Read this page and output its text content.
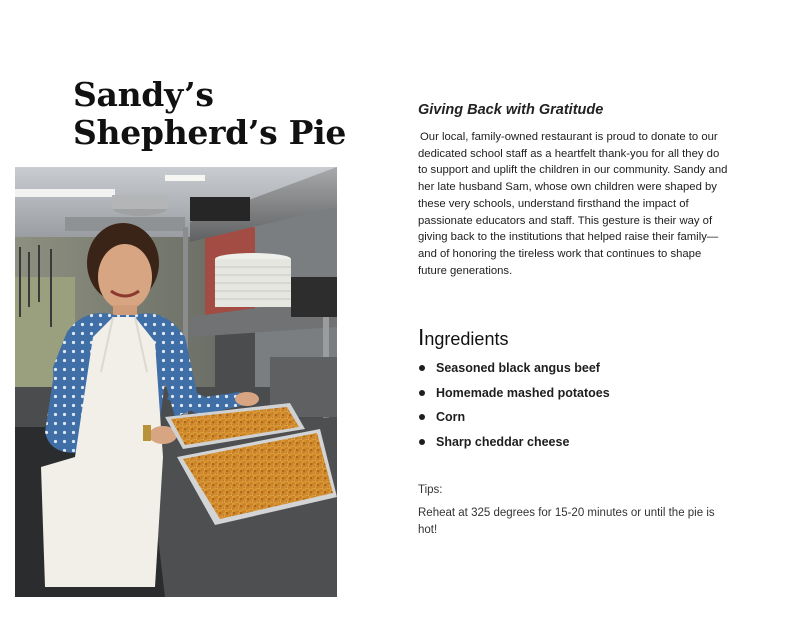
Sandy’s Shepherd’s Pie
Giving Back with Gratitude

Our local, family-owned restaurant is proud to donate to our dedicated school staff as a heartfelt thank-you for all they do to support and uplift the children in our community. Sandy and her late husband Sam, whose own children were shaped by these very schools, understand firsthand the impact of passionate educators and staff. This gesture is their way of giving back to the institutions that helped raise their family—and of honoring the tireless work that continues to shape future generations.

Ingredients
Seasoned black angus beef
Homemade mashed potatoes
Corn
Sharp cheddar cheese

Tips:

Reheat at 325 degrees for 15-20 minutes or until the pie is hot!
